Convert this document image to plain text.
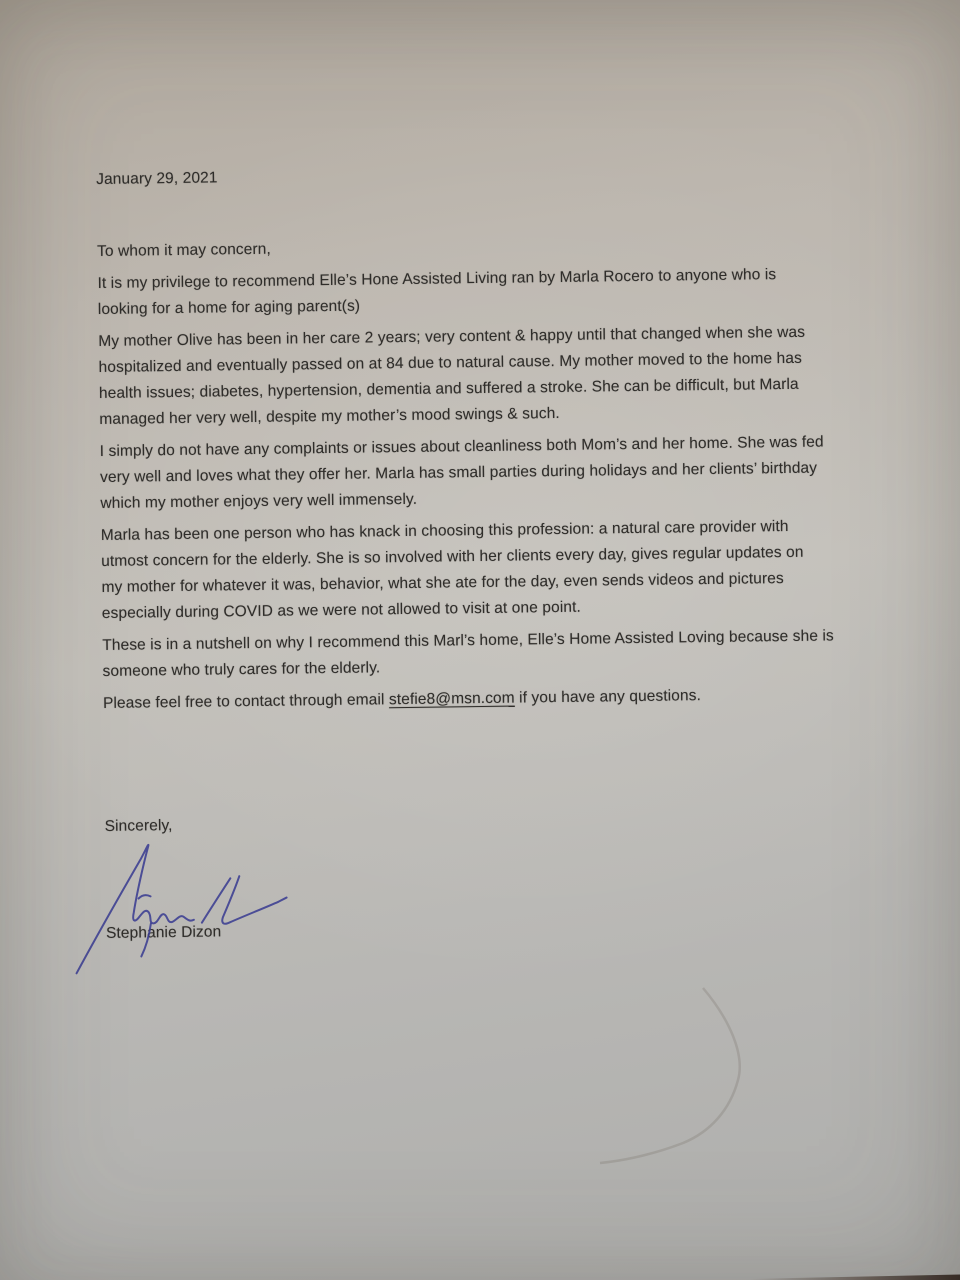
January 29, 2021
To whom it may concern,
It is my privilege to recommend Elle’s Hone Assisted Living ran by Marla Rocero to anyone who is
looking for a home for aging parent(s)
My mother Olive has been in her care 2 years; very content & happy until that changed when she was
hospitalized and eventually passed on at 84 due to natural cause. My mother moved to the home has
health issues; diabetes, hypertension, dementia and suffered a stroke. She can be difficult, but Marla
managed her very well, despite my mother’s mood swings & such.
I simply do not have any complaints or issues about cleanliness both Mom’s and her home. She was fed
very well and loves what they offer her. Marla has small parties during holidays and her clients’ birthday
which my mother enjoys very well immensely.
Marla has been one person who has knack in choosing this profession: a natural care provider with
utmost concern for the elderly. She is so involved with her clients every day, gives regular updates on
my mother for whatever it was, behavior, what she ate for the day, even sends videos and pictures
especially during COVID as we were not allowed to visit at one point.
These is in a nutshell on why I recommend this Marl’s home, Elle’s Home Assisted Loving because she is
someone who truly cares for the elderly.
Please feel free to contact through email stefie8@msn.com if you have any questions.
Sincerely,
Stephanie Dizon
